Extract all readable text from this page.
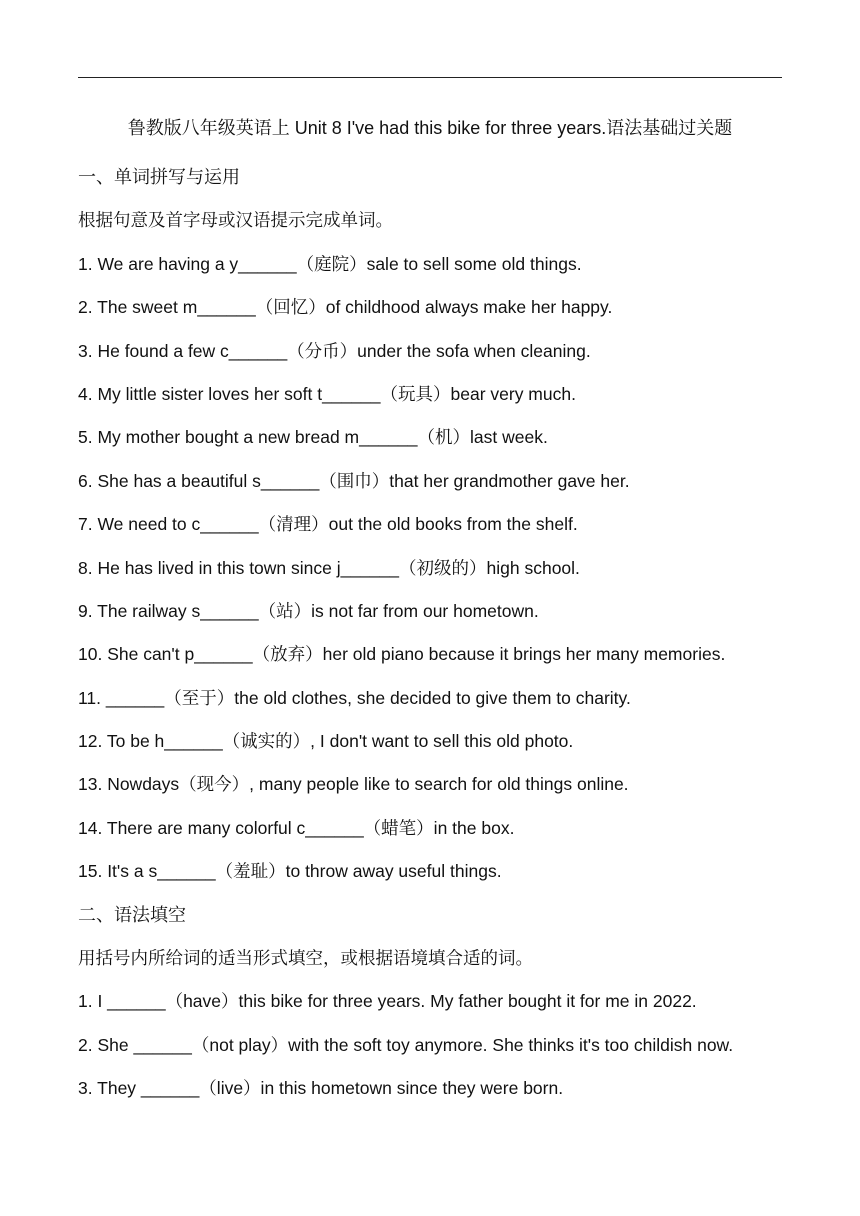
鲁教版八年级英语上 Unit 8 I've had this bike for three years.语法基础过关题
一、单词拼写与运用
根据句意及首字母或汉语提示完成单词。
1. We are having a y______（庭院）sale to sell some old things.
2. The sweet m______（回忆）of childhood always make her happy.
3. He found a few c______（分币）under the sofa when cleaning.
4. My little sister loves her soft t______（玩具）bear very much.
5. My mother bought a new bread m______（机）last week.
6. She has a beautiful s______（围巾）that her grandmother gave her.
7. We need to c______（清理）out the old books from the shelf.
8. He has lived in this town since j______（初级的）high school.
9. The railway s______（站）is not far from our hometown.
10. She can't p______（放弃）her old piano because it brings her many memories.
11. ______（至于）the old clothes, she decided to give them to charity.
12. To be h______（诚实的）, I don't want to sell this old photo.
13. Nowdays（现今）, many people like to search for old things online.
14. There are many colorful c______（蜡笔）in the box.
15. It's a s______（羞耻）to throw away useful things.
二、语法填空
用括号内所给词的适当形式填空，或根据语境填合适的词。
1. I ______（have）this bike for three years. My father bought it for me in 2022.
2. She ______（not play）with the soft toy anymore. She thinks it's too childish now.
3. They ______（live）in this hometown since they were born.
